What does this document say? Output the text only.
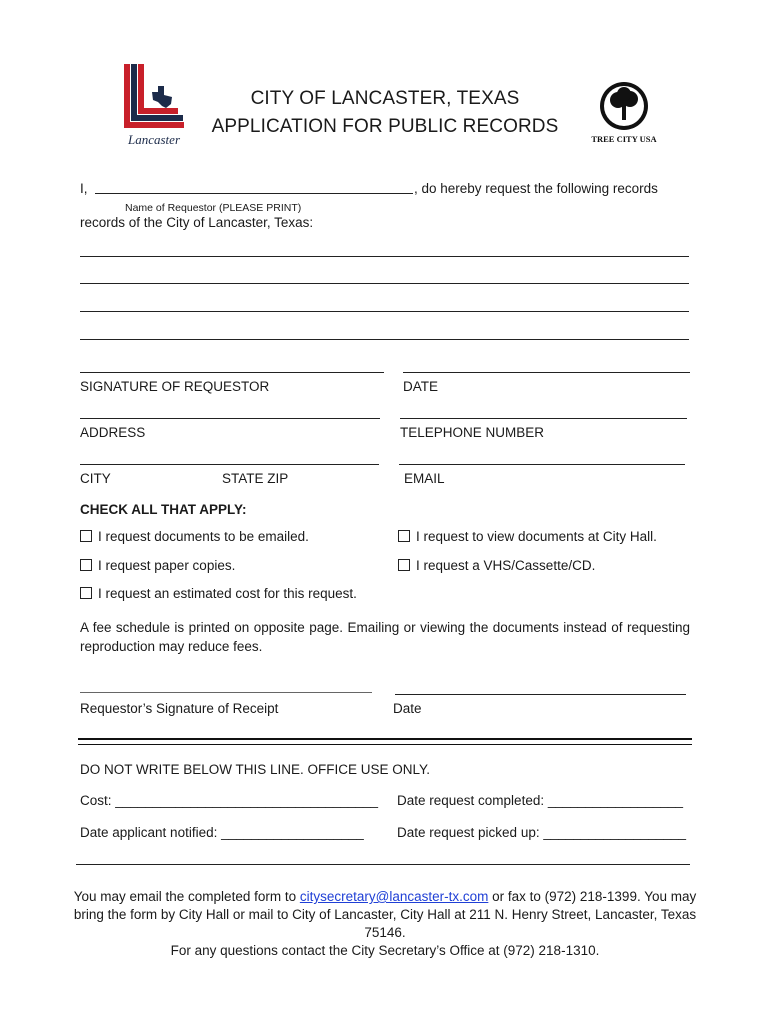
Lancaster
CITY OF LANCASTER, TEXAS
APPLICATION FOR PUBLIC RECORDS
TREE CITY USA
I,	, do hereby request the following records
Name of Requestor (PLEASE PRINT)
records of the City of Lancaster, Texas:
SIGNATURE OF REQUESTOR	DATE
ADDRESS	TELEPHONE NUMBER
CITY	STATE ZIP	EMAIL
CHECK ALL THAT APPLY:
I request documents to be emailed.	I request to view documents at City Hall.
I request paper copies.	I request a VHS/Cassette/CD.
I request an estimated cost for this request.
A fee schedule is printed on opposite page. Emailing or viewing the documents instead of requesting reproduction may reduce fees.
Requestor’s Signature of Receipt	Date
DO NOT WRITE BELOW THIS LINE. OFFICE USE ONLY.
Cost: ___________________________________ Date request completed: __________________
Date applicant notified: ___________________ Date request picked up: ___________________
You may email the completed form to citysecretary@lancaster-tx.com or fax to (972) 218-1399. You may
bring the form by City Hall or mail to City of Lancaster, City Hall at 211 N. Henry Street, Lancaster, Texas
75146.
For any questions contact the City Secretary’s Office at (972) 218-1310.
